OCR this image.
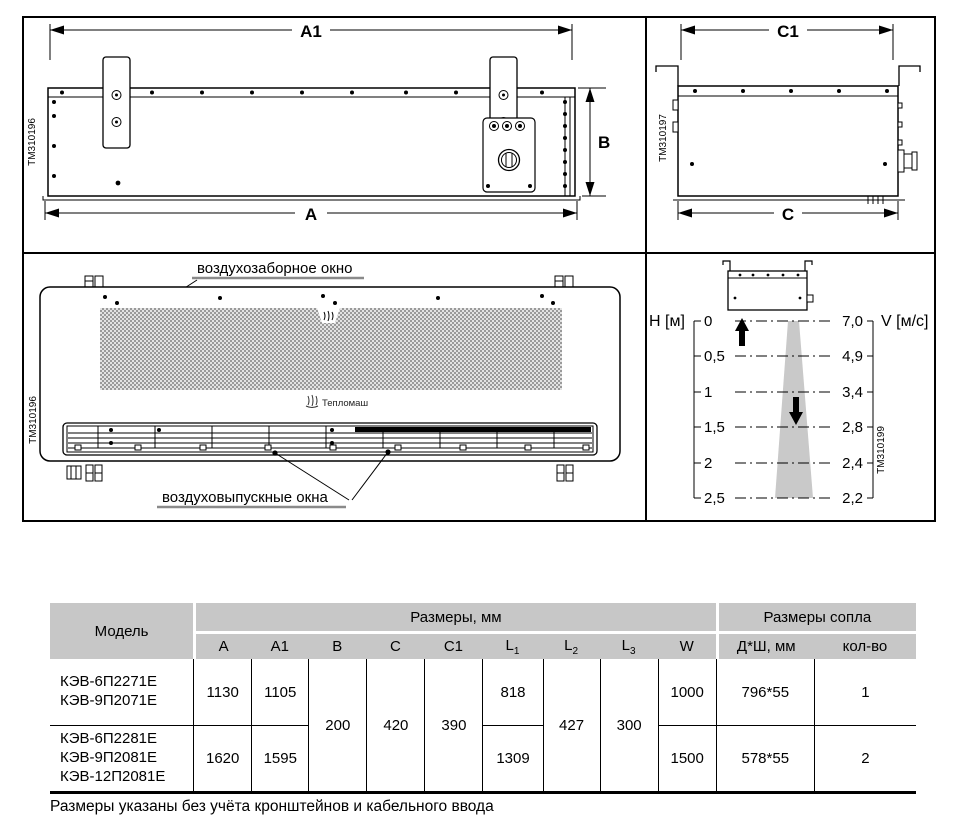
A1
B
A
TM310196
C1
C
TM310197
воздухозаборное окно
Тепломаш
воздуховыпускные окна
TM310196
H [м] 0
0,5
1
1,5
2
2,5
V [м/с]
7,0
4,9
3,4
2,8
2,4
2,2
TM310199
Модель	Размеры, мм									Размеры сопла	
	A	A1	B	C	C1	$L_1$	$L_2$	$L_3$	W	Д*Ш, мм	кол-во

КЭВ-6П2271Е
КЭВ-9П2071Е	1130	1105	200	420	390	818	427	300	1000	796*55	1

КЭВ-6П2281Е
КЭВ-9П2081Е
КЭВ-12П2081Е	1620	1595				1309			1500	578*55	2
Размеры указаны без учёта кронштейнов и кабельного ввода
